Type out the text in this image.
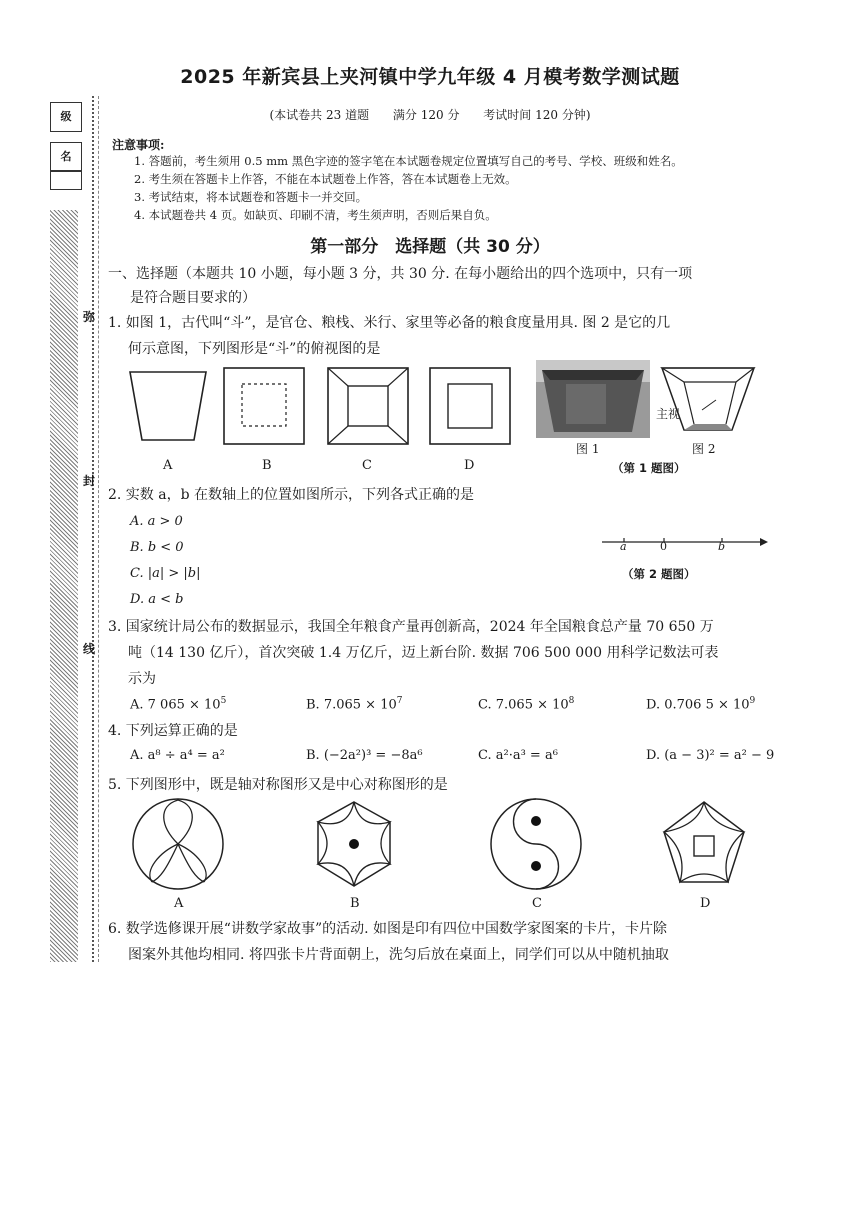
级
名
弥
封
线
2025 年新宾县上夹河镇中学九年级 4 月模考数学测试题
(本试卷共 23 道题 满分 120 分 考试时间 120 分钟)
注意事项:
1. 答题前，考生须用 0.5 mm 黑色字迹的签字笔在本试题卷规定位置填写自己的考号、学校、班级和姓名。
2. 考生须在答题卡上作答，不能在本试题卷上作答，答在本试题卷上无效。
3. 考试结束，将本试题卷和答题卡一并交回。
4. 本试题卷共 4 页。如缺页、印刷不清，考生须声明，否则后果自负。
第一部分　选择题（共 30 分）
一、选择题（本题共 10 小题，每小题 3 分，共 30 分. 在每小题给出的四个选项中，只有一项
是符合题目要求的）
1. 如图 1，古代叫“斗”，是官仓、粮栈、米行、家里等必备的粮食度量用具. 图 2 是它的几
何示意图，下列图形是“斗”的俯视图的是
A	B	C	D
图 1
主视
图 2
（第 1 题图）
2. 实数 a，b 在数轴上的位置如图所示，下列各式正确的是
A. a > 0
B. b < 0
C. |a| > |b|
D. a < b
a	0	b
（第 2 题图）
3. 国家统计局公布的数据显示，我国全年粮食产量再创新高，2024 年全国粮食总产量 70 650 万
吨（14 130 亿斤），首次突破 1.4 万亿斤，迈上新台阶. 数据 706 500 000 用科学记数法可表
示为
A. 7 $065 \times 10^5$	B. $7.065 \times 10^7$	C. $7.065 \times 10^8$	D. 0.706 $5 \times 10^9$
4. 下列运算正确的是
A. a⁸ ÷ a⁴ = a²	B. (−2a²)³ = −8a⁶	C. a²·a³ = a⁶	D. (a − 3)² = a² − 9
5. 下列图形中，既是轴对称图形又是中心对称图形的是
A	B	C	D
6. 数学选修课开展“讲数学家故事”的活动. 如图是印有四位中国数学家图案的卡片，卡片除
图案外其他均相同. 将四张卡片背面朝上，洗匀后放在桌面上，同学们可以从中随机抽取
